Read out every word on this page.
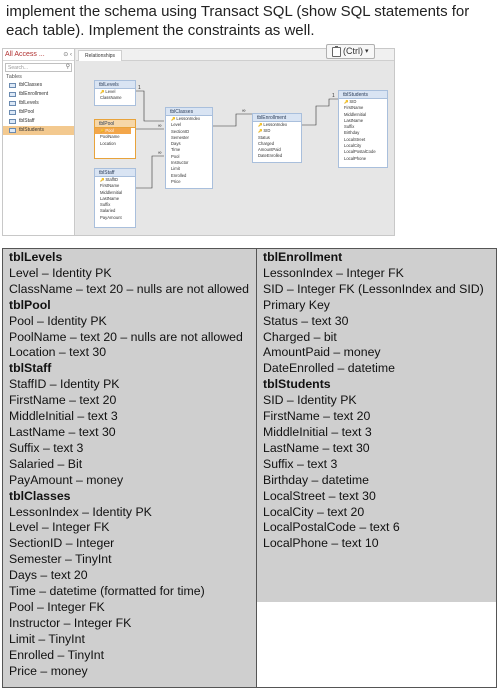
implement the schema using Transact SQL (show SQL statements for each table). Implement the constraints as well.
All Access ...	⊙ ‹
Search...	⚲
Tables
tblClasses
tblEnrollment
tblLevels
tblPool
tblStaff
tblStudents
Relationships
1
∞
∞
∞
1
tblLevels
🔑 Level
ClassName
tblPool
🔑 Pool
PoolName
Location
tblStaff
🔑 StaffID
FirstName
MiddleInitial
LastName
Suffix
Salaried
PayAmount
tblClasses
🔑 LessonIndex
Level
SectionID
Semester
Days
Time
Pool
Instructor
Limit
Enrolled
Price
tblEnrollment
🔑 LessonIndex
🔑 SID
Status
Charged
AmountPaid
DateEnrolled
tblStudents
🔑 SID
FirstName
MiddleInitial
LastName
Suffix
Birthday
LocalStreet
LocalCity
LocalPostalCode
LocalPhone
(Ctrl) ▾
tblLevels
Level – Identity PK
ClassName – text 20 – nulls are not allowed
tblPool
Pool – Identity PK
PoolName – text 20 – nulls are not allowed
Location – text 30
tblStaff
StaffID – Identity PK
FirstName – text 20
MiddleInitial – text 3
LastName – text 30
Suffix – text 3
Salaried – Bit
PayAmount – money
tblClasses
LessonIndex – Identity PK
Level – Integer FK
SectionID – Integer
Semester – TinyInt
Days – text 20
Time – datetime (formatted for time)
Pool – Integer FK
Instructor – Integer FK
Limit – TinyInt
Enrolled – TinyInt
Price – money
tblEnrollment
LessonIndex – Integer FK
SID – Integer FK (LessonIndex and SID)
Primary Key
Status – text 30
Charged – bit
AmountPaid – money
DateEnrolled – datetime
tblStudents
SID – Identity PK
FirstName – text 20
MiddleInitial – text 3
LastName – text 30
Suffix – text 3
Birthday – datetime
LocalStreet – text 30
LocalCity – text 20
LocalPostalCode – text 6
LocalPhone – text 10
